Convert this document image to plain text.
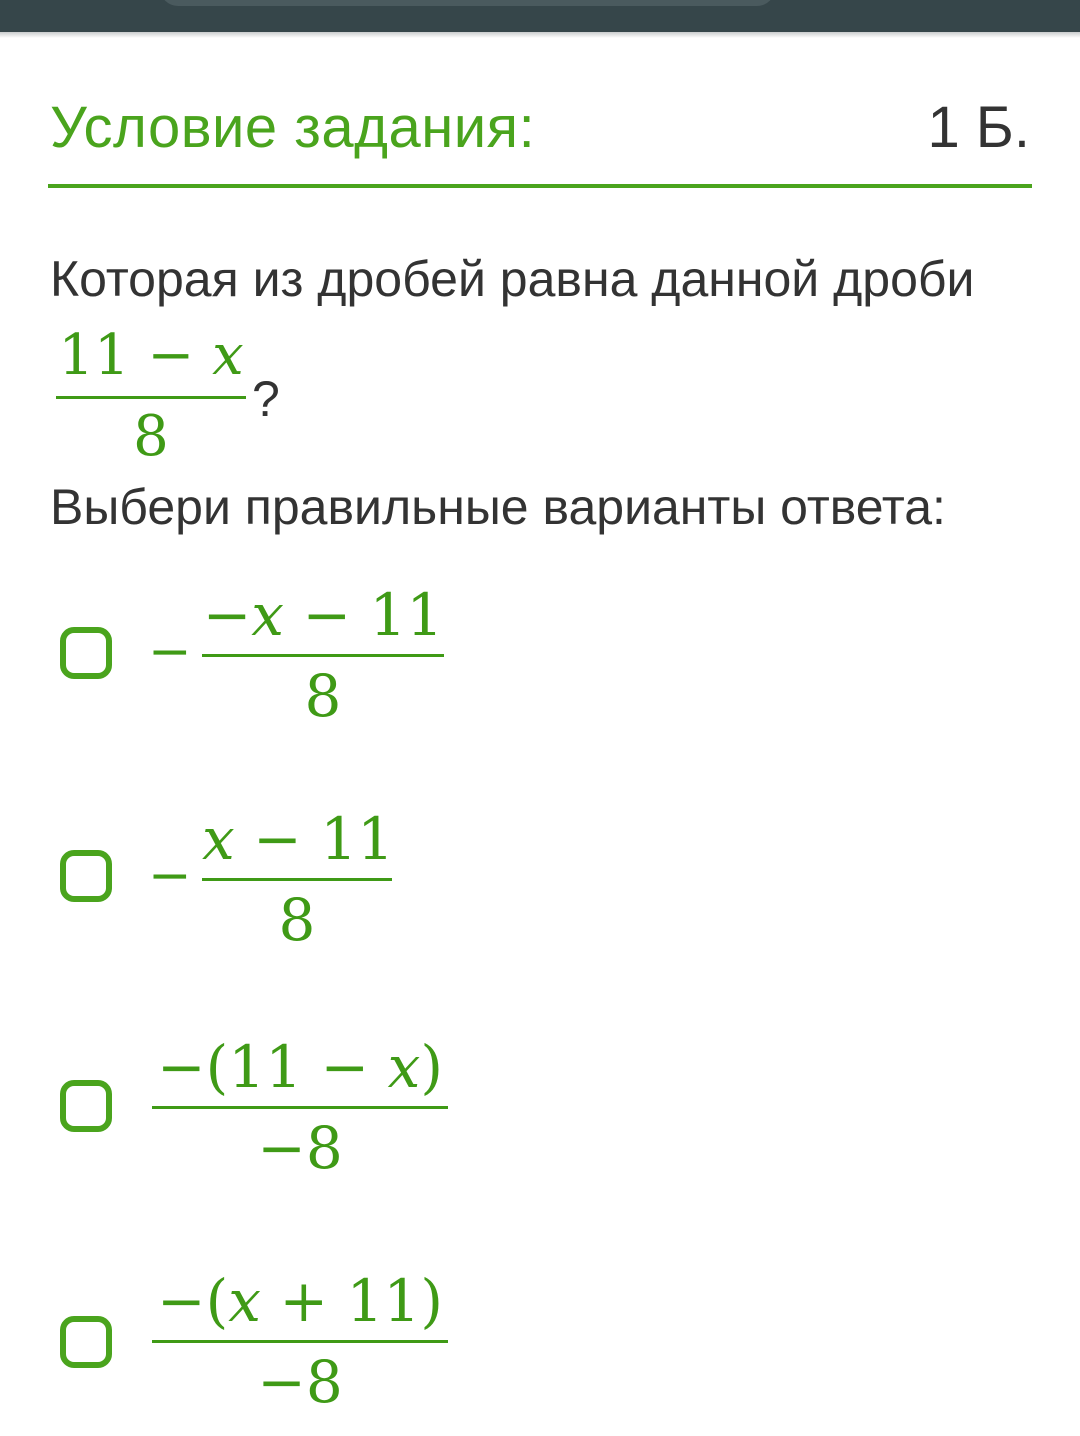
Условие задания:	1 Б.
Которая из дробей равна данной дроби
11 − x
8
?
Выбери правильные варианты ответа:
−
−x − 11
8
−
x − 11
8
−(11 − x)
−8
−(x + 11)
−8
